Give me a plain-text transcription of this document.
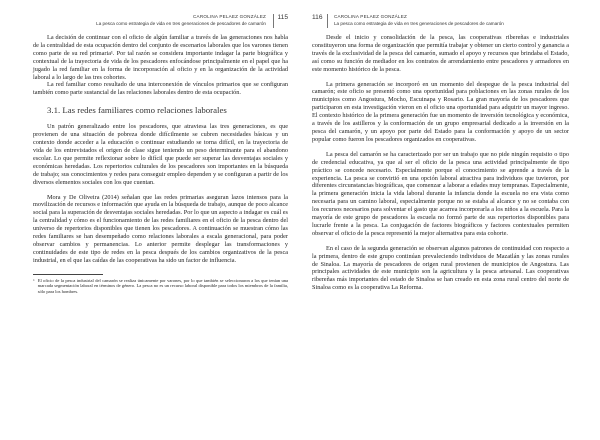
CAROLINA PELAEZ GONZÁLEZ
La pesca como estrategia de vida en tres generaciones de pescadores de camarón
115

La decisión de continuar con el oficio de algún familiar a través de las generaciones nos habla de la centralidad de esta ocupación dentro del conjunto de escenarios laborales que los varones tienen como parte de su red primaria¹. Por tal razón se considera importante indagar la parte biográfica y contextual de la trayectoria de vida de los pescadores enfocándose principalmente en el papel que ha jugado la red familiar en la forma de incorporación al oficio y en la organización de la actividad laboral a lo largo de las tres cohortes.

La red familiar como resultado de una interconexión de vínculos primarios que se configuran también como parte sustancial de las relaciones laborales dentro de esta ocupación.

3.1. Las redes familiares como relaciones laborales

Un patrón generalizado entre los pescadores, que atraviesa las tres generaciones, es que provienen de una situación de pobreza donde difícilmente se cubren necesidades básicas y un contexto donde acceder a la educación o continuar estudiando se torna difícil, en la trayectoria de vida de los entrevistados el origen de clase sigue teniendo un peso determinante para el abandono escolar. Lo que permite reflexionar sobre lo difícil que puede ser superar las desventajas sociales y económicas heredadas. Los repertorios culturales de los pescadores son importantes en la búsqueda de trabajo; sus conocimientos y redes para conseguir empleo dependen y se configuran a partir de los diversos elementos sociales con los que cuentan.

Mora y De Oliveira (2014) señalan que las redes primarias aseguran lazos intensos para la movilización de recursos e información que ayuda en la búsqueda de trabajo, aunque de poco alcance social para la superación de desventajas sociales heredadas. Por lo que un aspecto a indagar es cuál es la centralidad y cómo es el funcionamiento de las redes familiares en el oficio de la pesca dentro del universo de repertorios disponibles que tienen los pescadores. A continuación se muestran cómo las redes familiares se han desempeñado como relaciones laborales a escala generacional, para poder observar cambios y permanencias. Lo anterior permite desplegar las transformaciones y continuidades de este tipo de redes en la pesca después de los cambios organizativos de la pesca industrial, en el que las caídas de las cooperativas ha sido un factor de influencia.

1 El oficio de la pesca industrial del camarón se realiza únicamente por varones, por lo que también se seleccionaron a los que tenían una marcada segmentación laboral en términos de género. La pesca no es un recurso laboral disponible para todos los miembros de la familia, sólo para los hombres.
116 CAROLINA PELAEZ GONZÁLEZ
La pesca como estrategia de vida en tres generaciones de pescadores de camarón

Desde el inicio y consolidación de la pesca, las cooperativas ribereñas e industriales constituyeron una forma de organización que permitía trabajar y obtener un cierto control y ganancia a través de la exclusividad de la pesca del camarón, sumado el apoyo y recursos que brindaba el Estado, así como su función de mediador en los contratos de arrendamiento entre pescadores y armadores en este momento histórico de la pesca.

La primera generación se incorporó en un momento del despegue de la pesca industrial del camarón; este oficio se presentó como una oportunidad para poblaciones en las zonas rurales de los municipios como Angostura, Mocho, Escuinapa y Rosario. La gran mayoría de los pescadores que participaron en esta investigación vieron en el oficio una oportunidad para adquirir un mayor ingreso. El contexto histórico de la primera generación fue un momento de inversión tecnológica y económica, a través de los astilleros y la conformación de un grupo empresarial dedicado a la inversión en la pesca del camarón, y un apoyo por parte del Estado para la conformación y apoyo de un sector popular como fueron los pescadores organizados en cooperativas.

La pesca del camarón se ha caracterizado por ser un trabajo que no pide ningún requisito o tipo de credencial educativa, ya que al ser el oficio de la pesca una actividad principalmente de tipo práctico se concede necesario. Especialmente porque el conocimiento se aprende a través de la experiencia. La pesca se convirtió en una opción laboral atractiva para individuos que tuvieron, por diferentes circunstancias biográficas, que comenzar a laborar a edades muy tempranas. Especialmente, la primera generación inicia la vida laboral durante la infancia donde la escuela no era vista como necesaria para un camino laboral, especialmente porque no se estaba al alcance y no se contaba con los recursos necesarios para solventar el gasto que acarrea incorporarla a los niños a la escuela. Para la mayoría de este grupo de pescadores la escuela no formó parte de sus repertorios disponibles para lucrarle frente a la pesca. La conjugación de factores biográficos y factores contextuales permiten observar el oficio de la pesca representó la mejor alternativa para esta cohorte.

En el caso de la segunda generación se observan algunos patrones de continuidad con respecto a la primera, dentro de este grupo continúan prevaleciendo individuos de Mazatlán y las zonas rurales de Sinaloa. La mayoría de pescadores de origen rural provienen de municipios de Angostura. Las principales actividades de este municipio son la agricultura y la pesca artesanal. Las cooperativas ribereñas más importantes del estado de Sinaloa se han creado en esta zona rural centro del norte de Sinaloa como es la cooperativa La Reforma.
